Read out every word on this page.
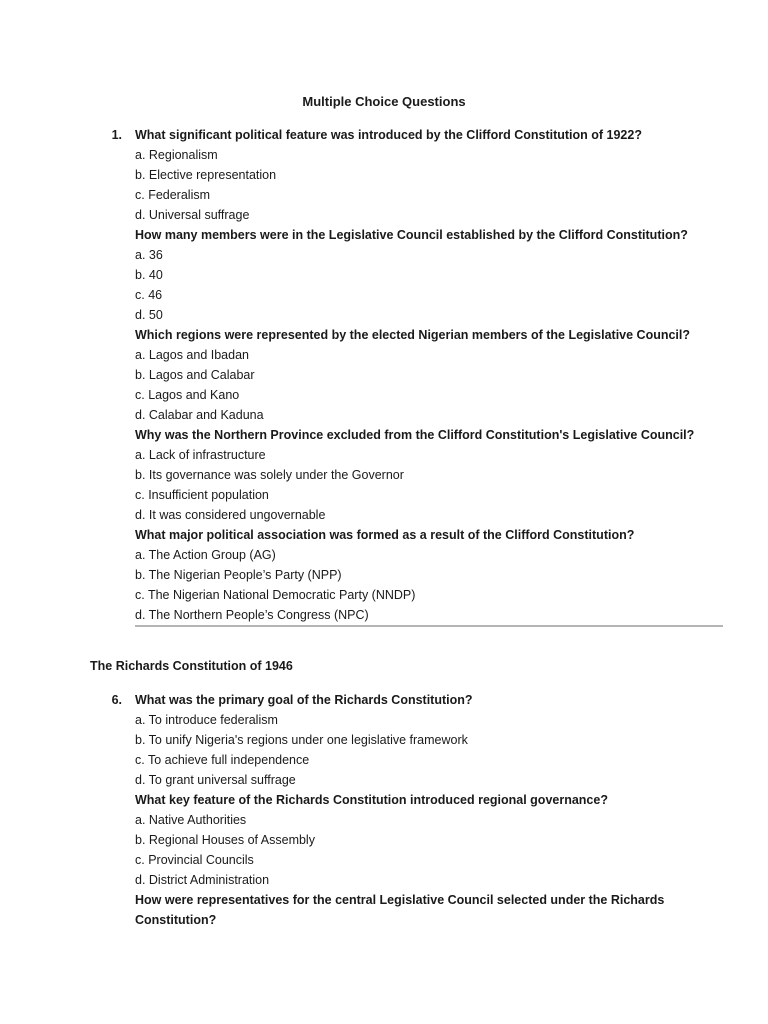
Multiple Choice Questions
1. What significant political feature was introduced by the Clifford Constitution of 1922?

a. Regionalism

b. Elective representation

c. Federalism

d. Universal suffrage

How many members were in the Legislative Council established by the Clifford Constitution?

a. 36

b. 40

c. 46

d. 50

Which regions were represented by the elected Nigerian members of the Legislative Council?

a. Lagos and Ibadan

b. Lagos and Calabar

c. Lagos and Kano

d. Calabar and Kaduna

Why was the Northern Province excluded from the Clifford Constitution's Legislative Council?

a. Lack of infrastructure

b. Its governance was solely under the Governor

c. Insufficient population

d. It was considered ungovernable

What major political association was formed as a result of the Clifford Constitution?

a. The Action Group (AG)

b. The Nigerian People’s Party (NPP)

c. The Nigerian National Democratic Party (NNDP)

d. The Northern People’s Congress (NPC)

The Richards Constitution of 1946
6. What was the primary goal of the Richards Constitution?

a. To introduce federalism

b. To unify Nigeria's regions under one legislative framework

c. To achieve full independence

d. To grant universal suffrage

What key feature of the Richards Constitution introduced regional governance?

a. Native Authorities

b. Regional Houses of Assembly

c. Provincial Councils

d. District Administration

How were representatives for the central Legislative Council selected under the Richards Constitution?
